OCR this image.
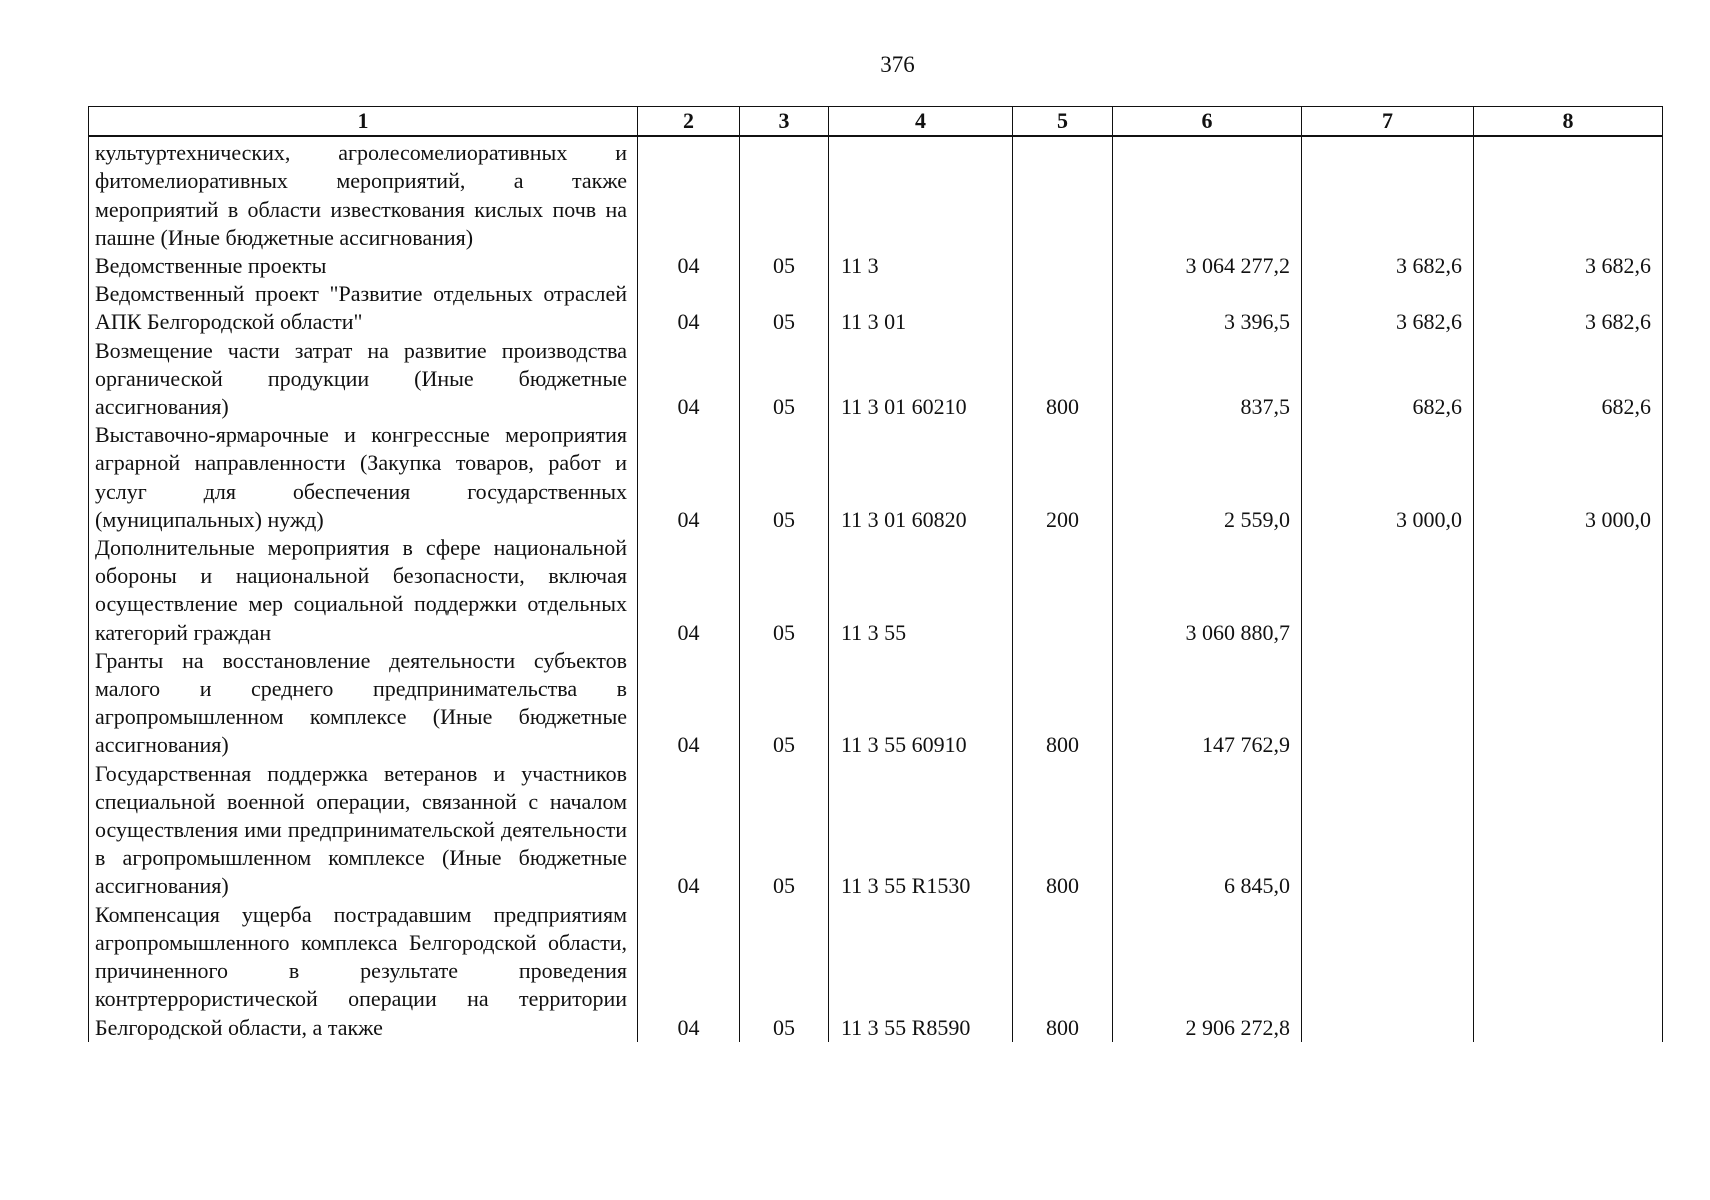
376
1	2	3	4	5	6	7	8
культуртехнических, агролесомелиоративных и фитомелиоративных мероприятий, а также мероприятий в области известкования кислых почв на пашне (Иные бюджетные ассигнования)							
Ведомственные проекты	04	05	11 3		3 064 277,2	3 682,6	3 682,6
Ведомственный проект "Развитие отдельных отраслей АПК Белгородской области"	04	05	11 3 01		3 396,5	3 682,6	3 682,6
Возмещение части затрат на развитие производства органической продукции (Иные бюджетные ассигнования)	04	05	11 3 01 60210	800	837,5	682,6	682,6
Выставочно-ярмарочные и конгрессные мероприятия аграрной направленности (Закупка товаров, работ и услуг для обеспечения государственных (муниципальных) нужд)	04	05	11 3 01 60820	200	2 559,0	3 000,0	3 000,0
Дополнительные мероприятия в сфере национальной обороны и национальной безопасности, включая осуществление мер социальной поддержки отдельных категорий граждан	04	05	11 3 55		3 060 880,7		
Гранты на восстановление деятельности субъектов малого и среднего предпринимательства в агропромышленном комплексе (Иные бюджетные ассигнования)	04	05	11 3 55 60910	800	147 762,9		
Государственная поддержка ветеранов и участников специальной военной операции, связанной с началом осуществления ими предпринимательской деятельности в агропромышленном комплексе (Иные бюджетные ассигнования)	04	05	11 3 55 R1530	800	6 845,0		
Компенсация ущерба пострадавшим предприятиям агропромышленного комплекса Белгородской области, причиненного в результате проведения контртеррористической операции на территории Белгородской области, а также	04	05	11 3 55 R8590	800	2 906 272,8		
